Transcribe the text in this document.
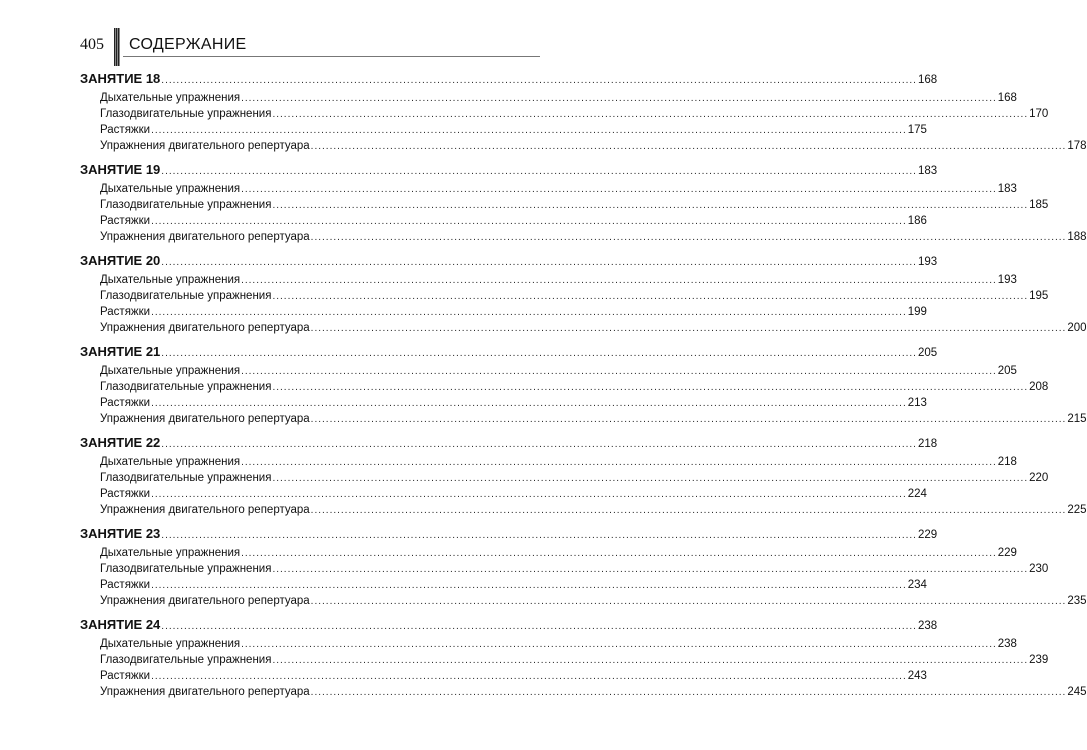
405 СОДЕРЖАНИЕ
ЗАНЯТИЕ 18 ........................................................................................................................................................................................................ 168
Дыхательные упражнения ........................................................................................................................................................................................................ 168
Глазодвигательные упражнения ........................................................................................................................................................................................................ 170
Растяжки ........................................................................................................................................................................................................ 175
Упражнения двигательного репертуара ........................................................................................................................................................................................................ 178
ЗАНЯТИЕ 19 ........................................................................................................................................................................................................ 183
Дыхательные упражнения ........................................................................................................................................................................................................ 183
Глазодвигательные упражнения ........................................................................................................................................................................................................ 185
Растяжки ........................................................................................................................................................................................................ 186
Упражнения двигательного репертуара ........................................................................................................................................................................................................ 188
ЗАНЯТИЕ 20 ........................................................................................................................................................................................................ 193
Дыхательные упражнения ........................................................................................................................................................................................................ 193
Глазодвигательные упражнения ........................................................................................................................................................................................................ 195
Растяжки ........................................................................................................................................................................................................ 199
Упражнения двигательного репертуара ........................................................................................................................................................................................................ 200
ЗАНЯТИЕ 21 ........................................................................................................................................................................................................ 205
Дыхательные упражнения ........................................................................................................................................................................................................ 205
Глазодвигательные упражнения ........................................................................................................................................................................................................ 208
Растяжки ........................................................................................................................................................................................................ 213
Упражнения двигательного репертуара ........................................................................................................................................................................................................ 215
ЗАНЯТИЕ 22 ........................................................................................................................................................................................................ 218
Дыхательные упражнения ........................................................................................................................................................................................................ 218
Глазодвигательные упражнения ........................................................................................................................................................................................................ 220
Растяжки ........................................................................................................................................................................................................ 224
Упражнения двигательного репертуара ........................................................................................................................................................................................................ 225
ЗАНЯТИЕ 23 ........................................................................................................................................................................................................ 229
Дыхательные упражнения ........................................................................................................................................................................................................ 229
Глазодвигательные упражнения ........................................................................................................................................................................................................ 230
Растяжки ........................................................................................................................................................................................................ 234
Упражнения двигательного репертуара ........................................................................................................................................................................................................ 235
ЗАНЯТИЕ 24 ........................................................................................................................................................................................................ 238
Дыхательные упражнения ........................................................................................................................................................................................................ 238
Глазодвигательные упражнения ........................................................................................................................................................................................................ 239
Растяжки ........................................................................................................................................................................................................ 243
Упражнения двигательного репертуара ........................................................................................................................................................................................................ 245
